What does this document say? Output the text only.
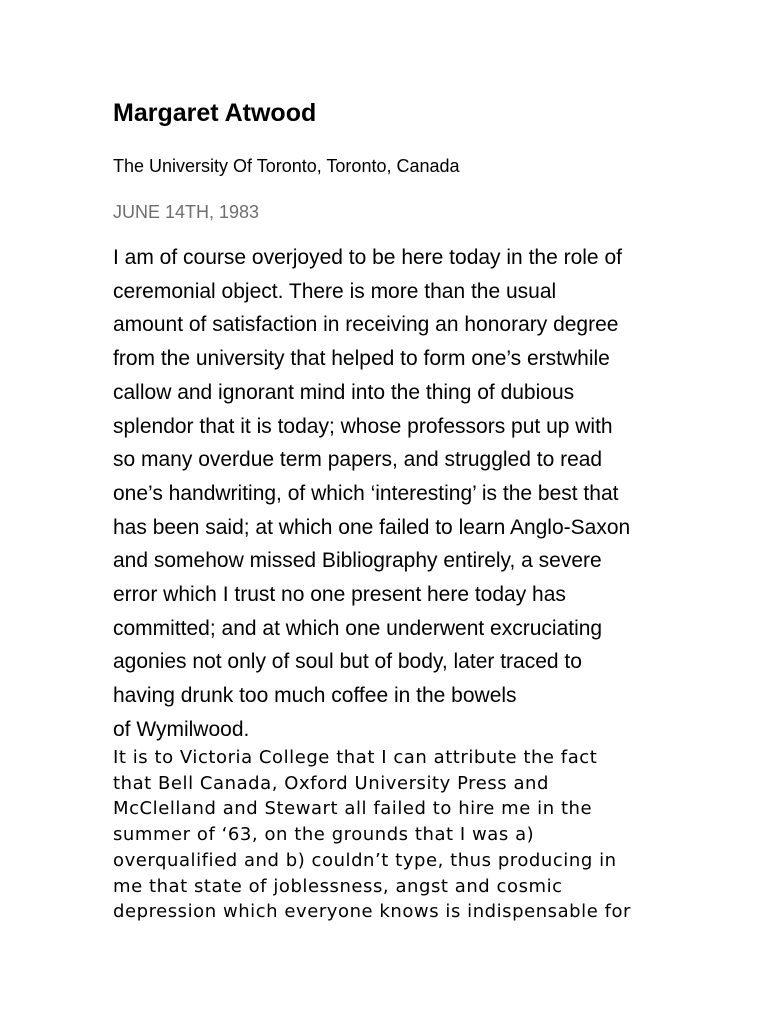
Margaret Atwood

The University Of Toronto, Toronto, Canada

JUNE 14TH, 1983

I am of course overjoyed to be here today in the role of
ceremonial object. There is more than the usual
amount of satisfaction in receiving an honorary degree
from the university that helped to form one’s erstwhile
callow and ignorant mind into the thing of dubious
splendor that it is today; whose professors put up with
so many overdue term papers, and struggled to read
one’s handwriting, of which ‘interesting’ is the best that
has been said; at which one failed to learn Anglo-Saxon
and somehow missed Bibliography entirely, a severe
error which I trust no one present here today has
committed; and at which one underwent excruciating
agonies not only of soul but of body, later traced to
having drunk too much coffee in the bowels
of Wymilwood.

It is to Victoria College that I can attribute the fact
that Bell Canada, Oxford University Press and
McClelland and Stewart all failed to hire me in the
summer of ‘63, on the grounds that I was a)
overqualified and b) couldn’t type, thus producing in
me that state of joblessness, angst and cosmic
depression which everyone knows is indispensable for
